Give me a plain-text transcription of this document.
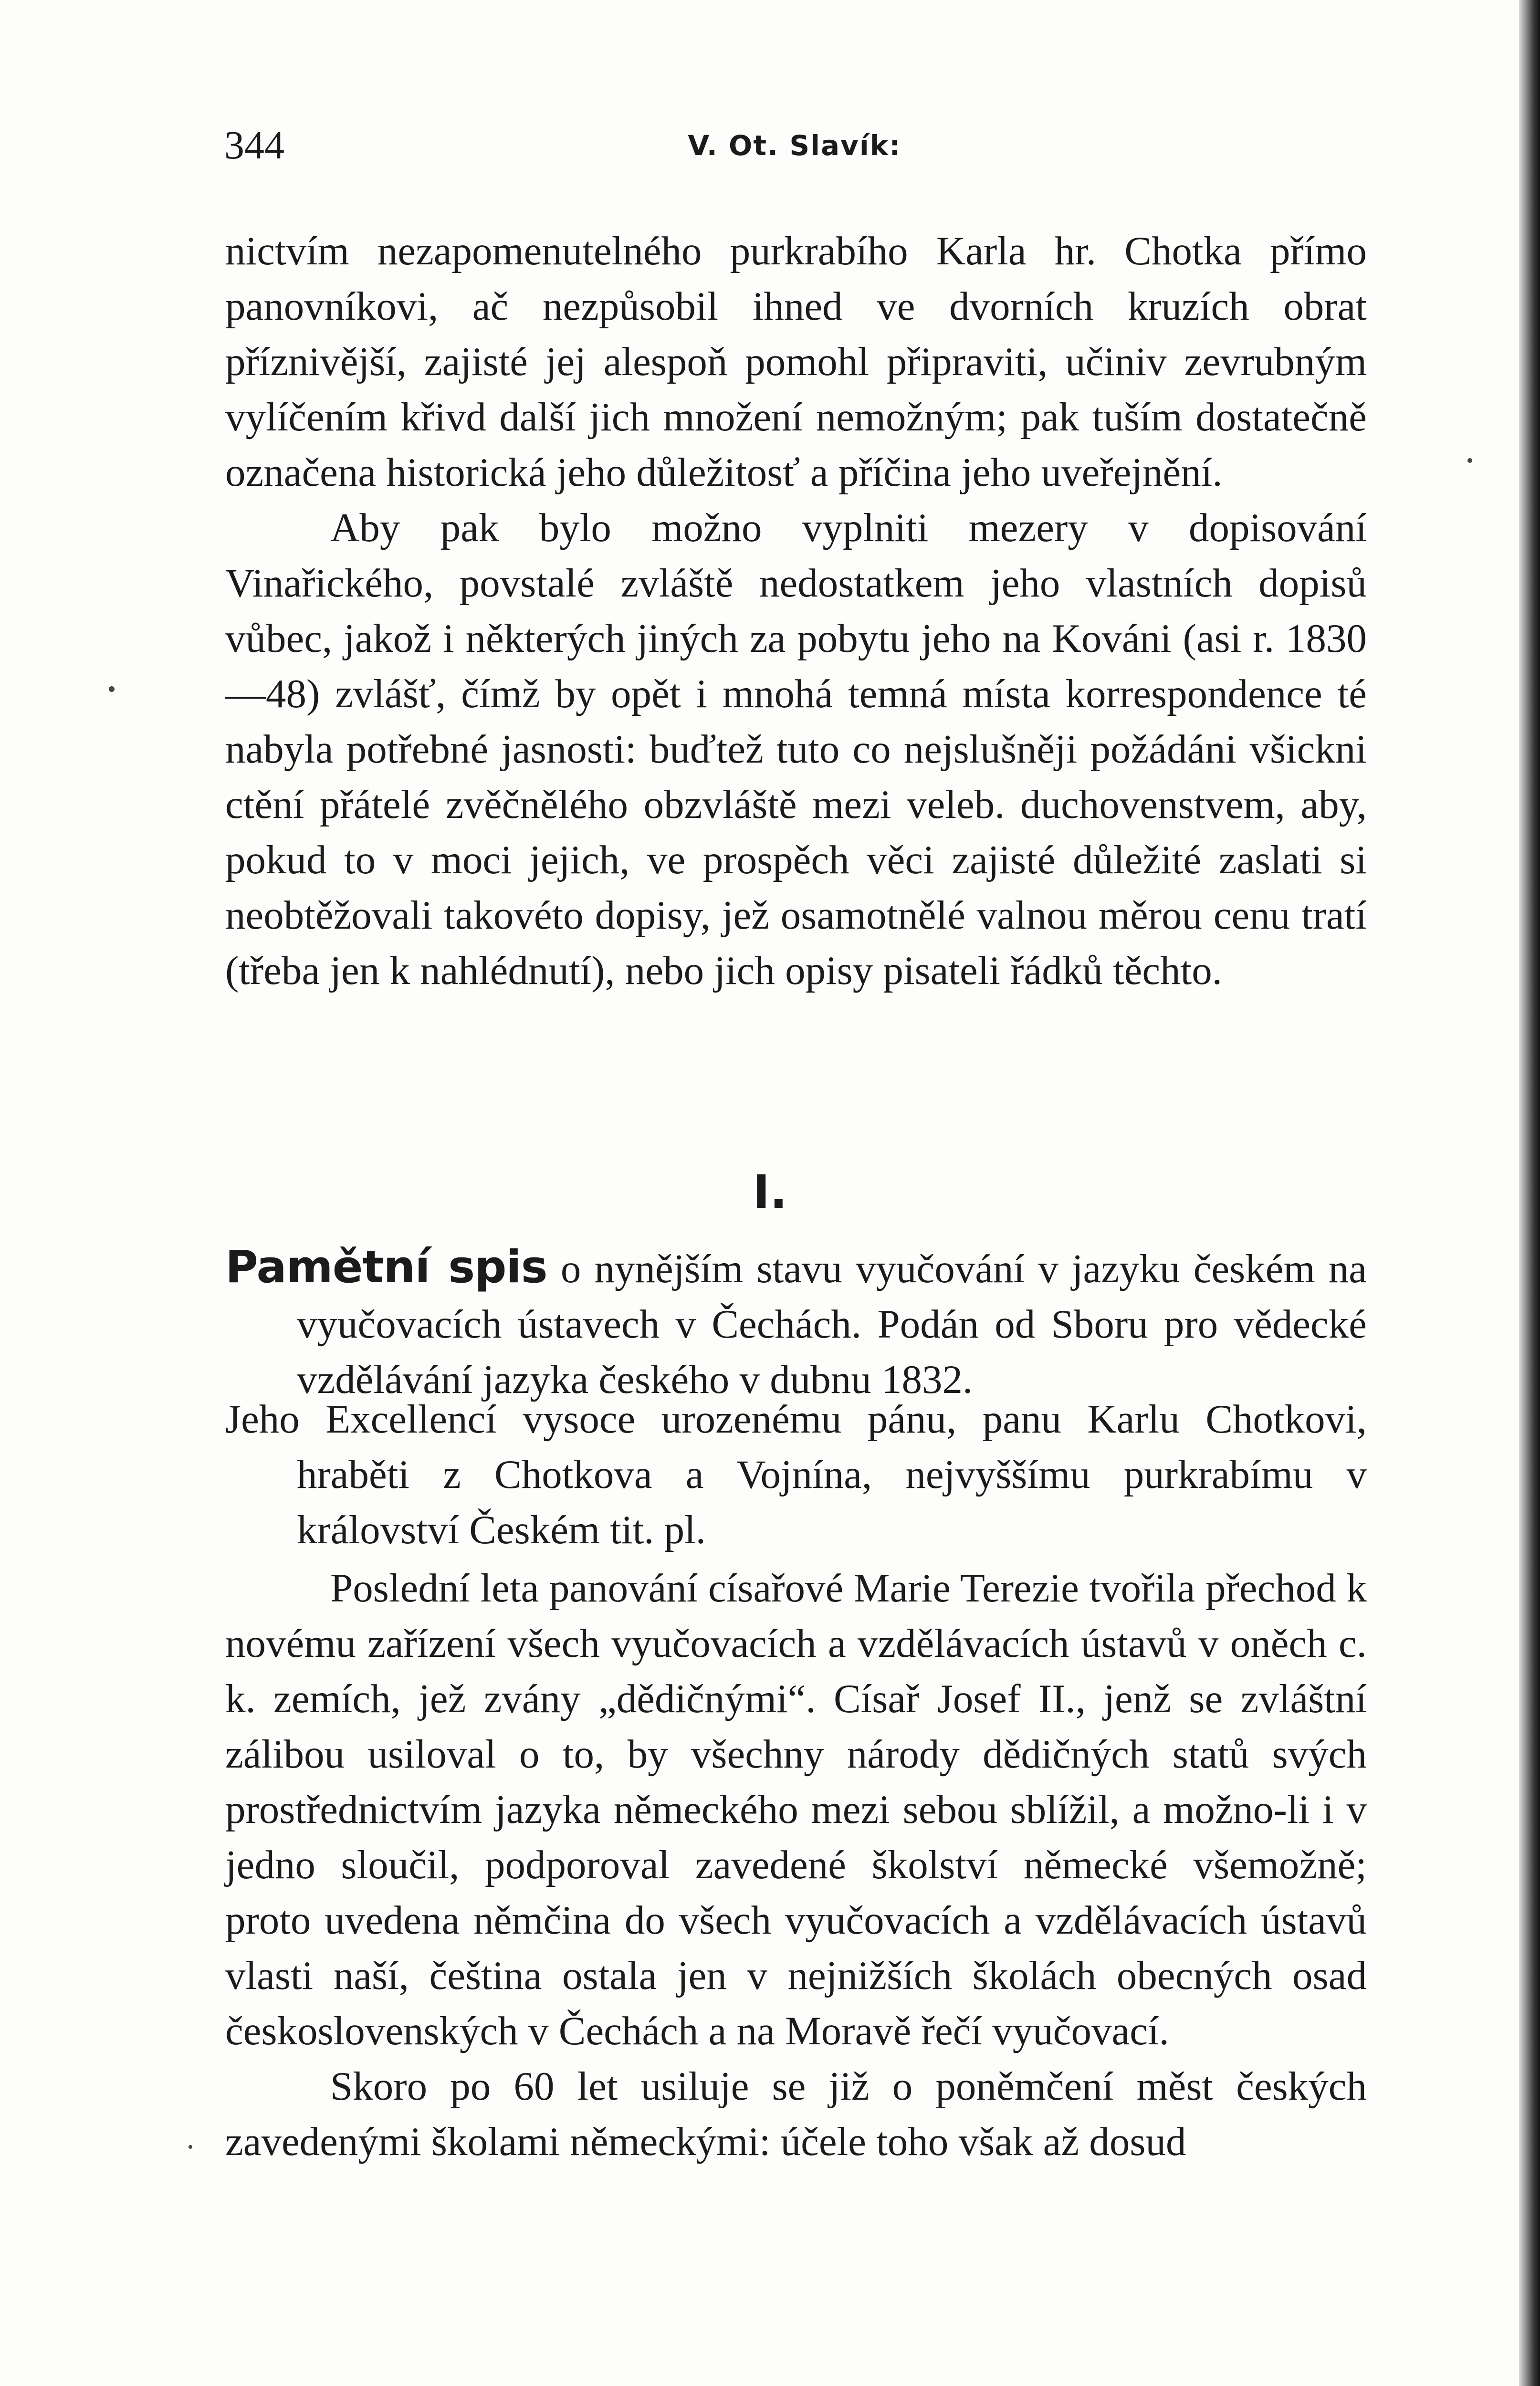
344	V. Ot. Slavík:

nictvím nezapomenutelného purkrabího Karla hr. Chotka přímo panovníkovi, ač nezpůsobil ihned ve dvorních kruzích obrat příznivější, zajisté jej alespoň pomohl připraviti, učiniv zevrubným vylíčením křivd další jich množení nemožným; pak tuším dostatečně označena historická jeho důležitosť a příčina jeho uveřejnění.

Aby pak bylo možno vyplniti mezery v dopisování Vinařického, povstalé zvláště nedostatkem jeho vlastních dopisů vůbec, jakož i některých jiných za pobytu jeho na Kováni (asi r. 1830—48) zvlášť, čímž by opět i mnohá temná místa korrespondence té nabyla potřebné jasnosti: buďtež tuto co nejslušněji požádáni všickni ctění přátelé zvěčnělého obzvláště mezi veleb. duchovenstvem, aby, pokud to v moci jejich, ve prospěch věci zajisté důležité zaslati si neobtěžovali takovéto dopisy, jež osamotnělé valnou měrou cenu tratí (třeba jen k nahlédnutí), nebo jich opisy pisateli řádků těchto.

I.

Pamětní spis o nynějším stavu vyučování v jazyku českém na vyučovacích ústavech v Čechách. Podán od Sboru pro vědecké vzdělávání jazyka českého v dubnu 1832.

Jeho Excellencí vysoce urozenému pánu, panu Karlu Chotkovi, hraběti z Chotkova a Vojnína, nejvyššímu purkrabímu v království Českém tit. pl.

Poslední leta panování císařové Marie Terezie tvořila přechod k novému zařízení všech vyučovacích a vzdělávacích ústavů v oněch c. k. zemích, jež zvány „dědičnými“. Císař Josef II., jenž se zvláštní zálibou usiloval o to, by všechny národy dědičných statů svých prostřednictvím jazyka německého mezi sebou sblížil, a možno-li i v jedno sloučil, podporoval zavedené školství německé všemožně; proto uvedena němčina do všech vyučovacích a vzdělávacích ústavů vlasti naší, čeština ostala jen v nejnižších školách obecných osad československých v Čechách a na Moravě řečí vyučovací.

Skoro po 60 let usiluje se již o poněmčení měst českých zavedenými školami německými: účele toho však až dosud
